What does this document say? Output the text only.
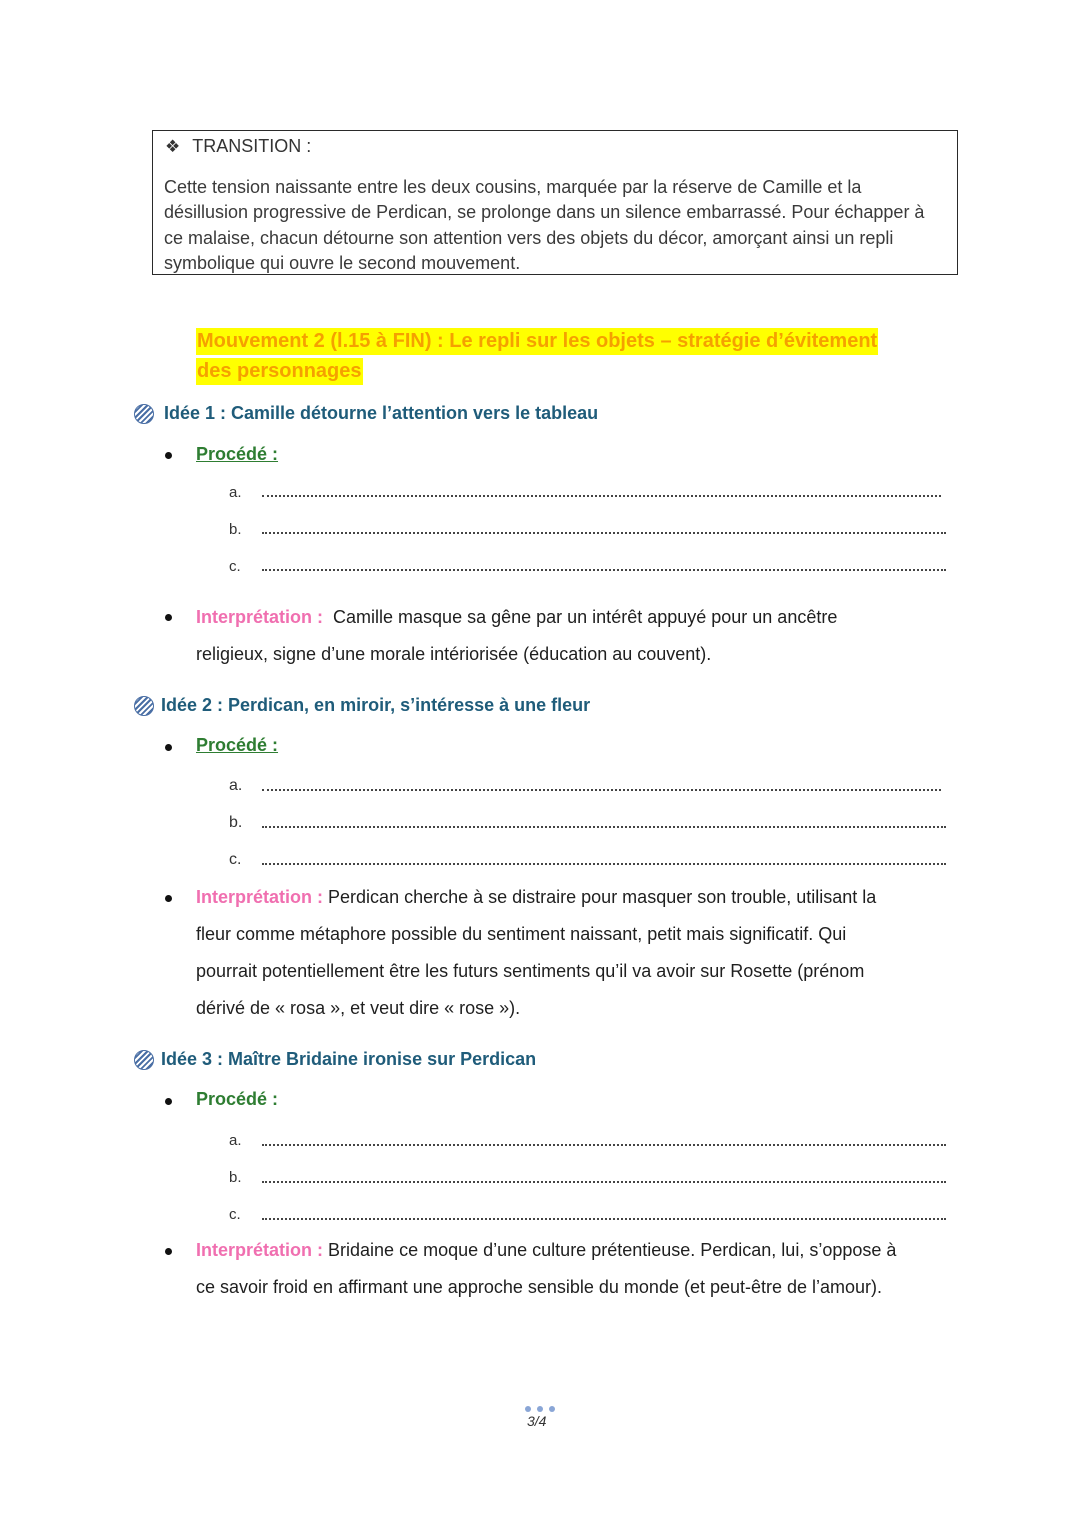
❖ TRANSITION :
Cette tension naissante entre les deux cousins, marquée par la réserve de Camille et la
désillusion progressive de Perdican, se prolonge dans un silence embarrassé. Pour échapper à
ce malaise, chacun détourne son attention vers des objets du décor, amorçant ainsi un repli
symbolique qui ouvre le second mouvement.
Mouvement 2 (l.15 à FIN) : Le repli sur les objets – stratégie d’évitement
des personnages
Idée 1 : Camille détourne l’attention vers le tableau
Procédé :
a.
b.
c.
Interprétation : Camille masque sa gêne par un intérêt appuyé pour un ancêtre
religieux, signe d’une morale intériorisée (éducation au couvent).
Idée 2 : Perdican, en miroir, s’intéresse à une fleur
Procédé :
a.
b.
c.
Interprétation : Perdican cherche à se distraire pour masquer son trouble, utilisant la
fleur comme métaphore possible du sentiment naissant, petit mais significatif. Qui
pourrait potentiellement être les futurs sentiments qu’il va avoir sur Rosette (prénom
dérivé de « rosa », et veut dire « rose »).
Idée 3 : Maître Bridaine ironise sur Perdican
Procédé :
a.
b.
c.
Interprétation : Bridaine ce moque d’une culture prétentieuse. Perdican, lui, s’oppose à
ce savoir froid en affirmant une approche sensible du monde (et peut-être de l’amour).
3/4
